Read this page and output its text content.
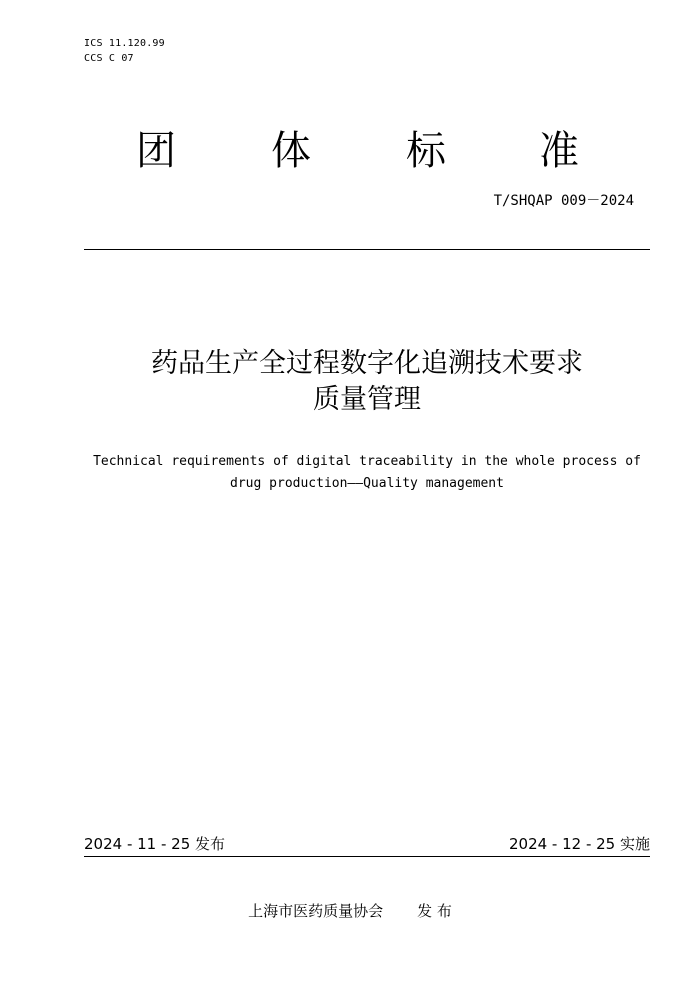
ICS 11.120.99
CCS C 07
团 体 标 准
T/SHQAP 009－2024
药品生产全过程数字化追溯技术要求
质量管理
Technical requirements of digital traceability in the whole process of
drug production——Quality management
2024 - 11 - 25 发布	2024 - 12 - 25 实施
上海市医药质量协会 发 布
